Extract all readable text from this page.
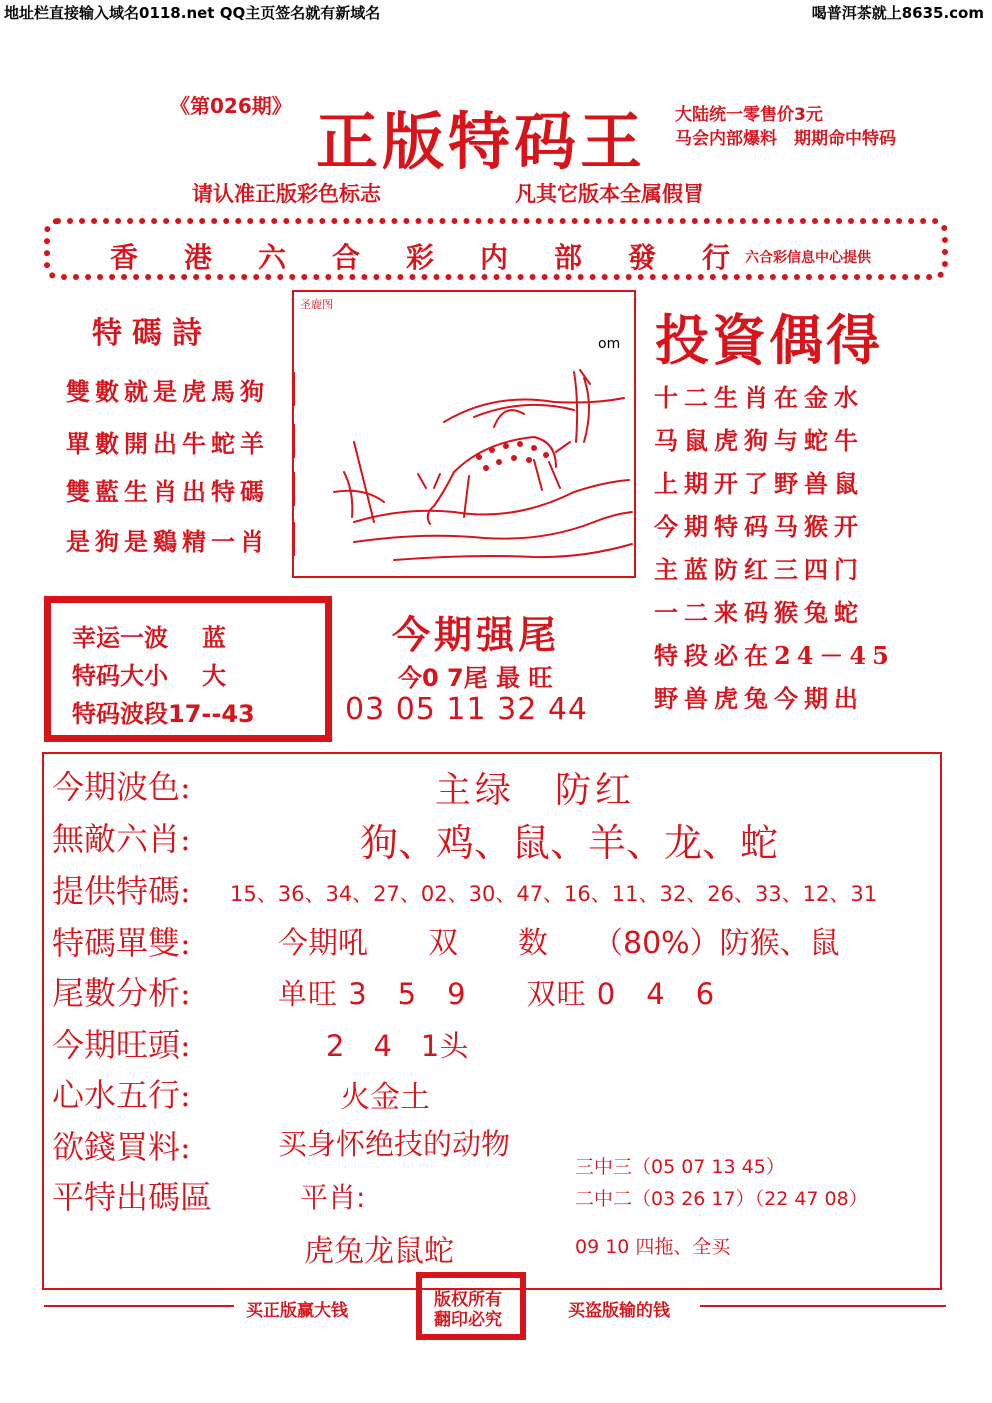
地址栏直接输入域名0118.net QQ主页签名就有新域名	喝普洱茶就上8635.com
《第026期》 正版特码王 大陆统一零售价3元
马会内部爆料　期期命中特码
请认准正版彩色标志	凡其它版本全属假冒
香港六合彩内部發行
六合彩信息中心提供
特碼詩
雙數就是虎馬狗
單數開出牛蛇羊
雙藍生肖出特碼
是狗是鷄精一肖
圣鹿图
om 投資偶得
十二生肖在金水
马鼠虎狗与蛇牛
上期开了野兽鼠
今期特码马猴开
主蓝防红三四门
一二来码猴兔蛇
特段必在24－45
野兽虎兔今期出
幸运一波 蓝
特码大小 大
特码波段17--43
今期强尾
今0 7尾 最 旺
03 05 11 32 44
今期波色:	主绿　防红
無敵六肖:	狗、鸡、鼠、羊、龙、蛇
提供特碼: 15、36、34、27、02、30、47、16、11、32、26、33、12、31
特碼單雙:	今期吼　　双　　数　　（80%）防猴、鼠
尾數分析:	单旺 3　5　9　　双旺 0　4　6
今期旺頭:	2　4　1头
心水五行:	火金土
欲錢買料:	买身怀绝技的动物
平特出碼區	平肖:
虎兔龙鼠蛇
三中三（05 07 13 45）
二中二（03 26 17）（22 47 08）
09 10 四拖、全买
买正版赢大钱
版权所有
翻印必究	买盗版输的钱
